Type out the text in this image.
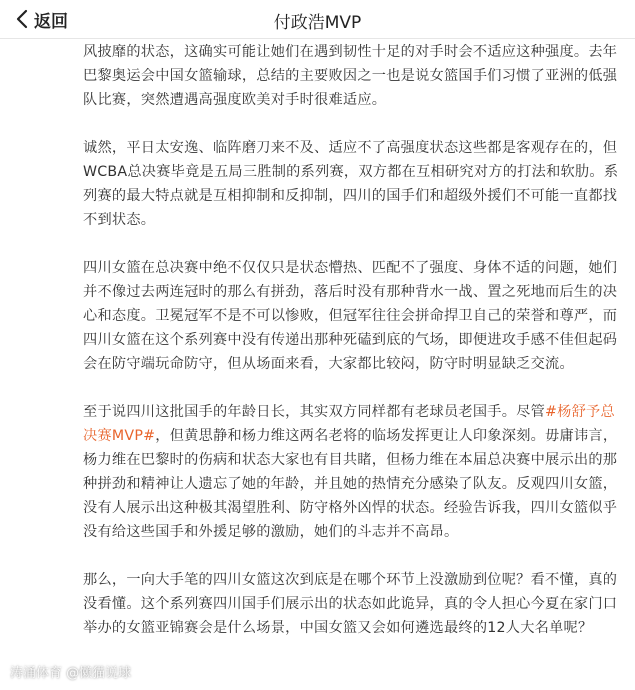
返回	付政浩MVP

风披靡的状态，这确实可能让她们在遇到韧性十足的对手时会不适应这种强度。去年巴黎奥运会中国女篮输球，总结的主要败因之一也是说女篮国手们习惯了亚洲的低强队比赛，突然遭遇高强度欧美对手时很难适应。

诚然，平日太安逸、临阵磨刀来不及、适应不了高强度状态这些都是客观存在的，但WCBA总决赛毕竟是五局三胜制的系列赛，双方都在互相研究对方的打法和软肋。系列赛的最大特点就是互相抑制和反抑制，四川的国手们和超级外援们不可能一直都找不到状态。

四川女篮在总决赛中绝不仅仅只是状态懵热、匹配不了强度、身体不适的问题，她们并不像过去两连冠时的那么有拼劲，落后时没有那种背水一战、置之死地而后生的决心和态度。卫冕冠军不是不可以惨败，但冠军往往会拼命捍卫自己的荣誉和尊严，而四川女篮在这个系列赛中没有传递出那种死磕到底的气场，即便进攻手感不佳但起码会在防守端玩命防守，但从场面来看，大家都比较闷，防守时明显缺乏交流。

至于说四川这批国手的年龄日长，其实双方同样都有老球员老国手。尽管#杨舒予总决赛MVP#，但黄思静和杨力维这两名老将的临场发挥更让人印象深刻。毋庸讳言，杨力维在巴黎时的伤病和状态大家也有目共睹，但杨力维在本届总决赛中展示出的那种拼劲和精神让人遗忘了她的年龄，并且她的热情充分感染了队友。反观四川女篮，没有人展示出这种极其渴望胜利、防守格外凶悍的状态。经验告诉我，四川女篮似乎没有给这些国手和外援足够的激励，她们的斗志并不高昂。

那么，一向大手笔的四川女篮这次到底是在哪个环节上没激励到位呢？看不懂，真的没看懂。这个系列赛四川国手们展示出的状态如此诡异，真的令人担心今夏在家门口举办的女篮亚锦赛会是什么场景，中国女篮又会如何遴选最终的12人大名单呢？

涛涌体育 @懒猫说球
